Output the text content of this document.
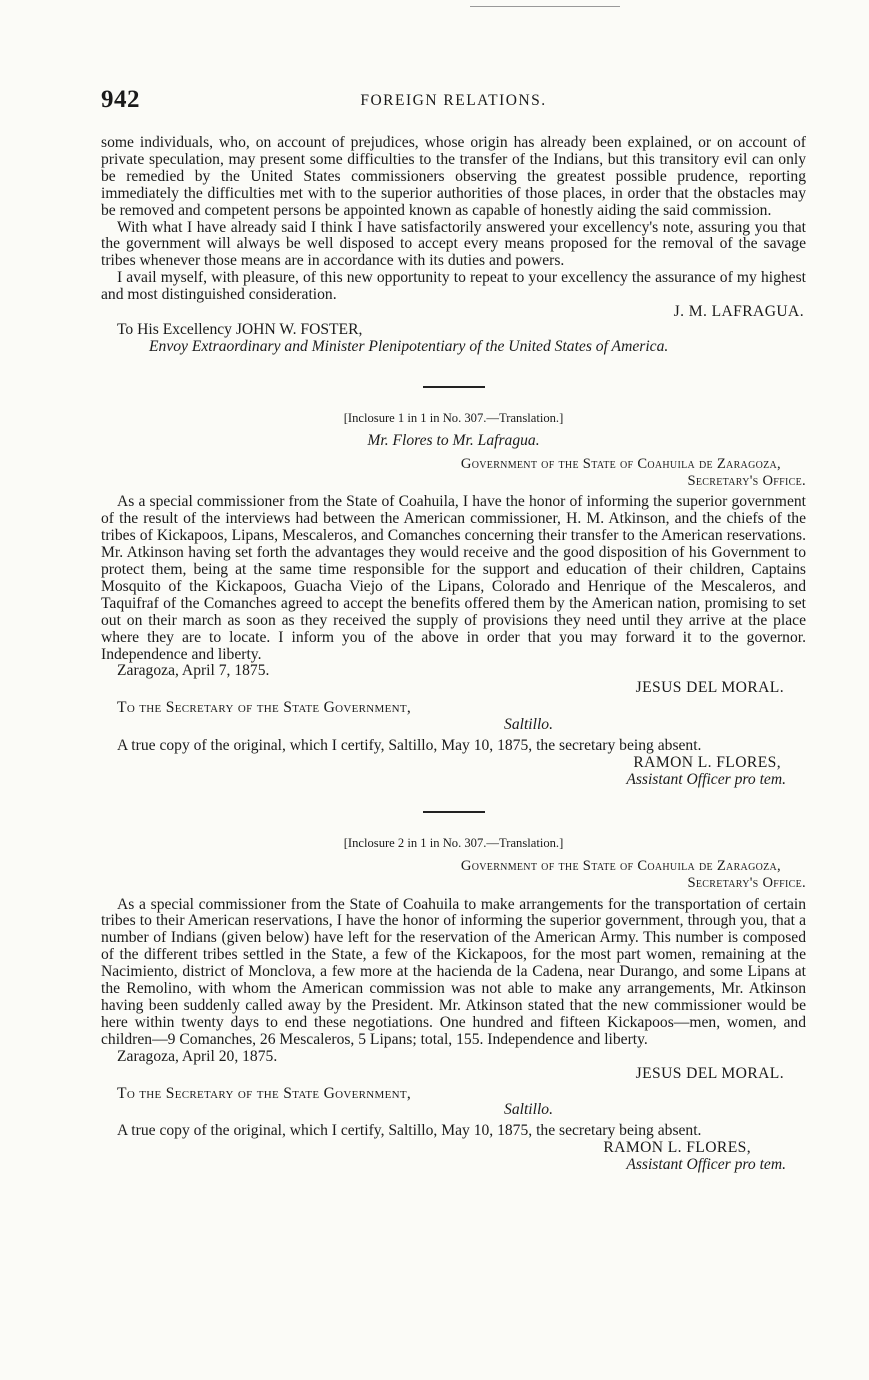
942	FOREIGN RELATIONS.

some individuals, who, on account of prejudices, whose origin has already been explained, or on account of private speculation, may present some difficulties to the transfer of the Indians, but this transitory evil can only be remedied by the United States commissioners observing the greatest possible prudence, reporting immediately the difficulties met with to the superior authorities of those places, in order that the obstacles may be removed and competent persons be appointed known as capable of honestly aiding the said commission.

With what I have already said I think I have satisfactorily answered your excellency's note, assuring you that the government will always be well disposed to accept every means proposed for the removal of the savage tribes whenever those means are in accordance with its duties and powers.

I avail myself, with pleasure, of this new opportunity to repeat to your excellency the assurance of my highest and most distinguished consideration.

J. M. LAFRAGUA.
To His Excellency JOHN W. FOSTER,
Envoy Extraordinary and Minister Plenipotentiary of the United States of America.
[Inclosure 1 in 1 in No. 307.—Translation.]
Mr. Flores to Mr. Lafragua.
Government of the State of Coahuila de Zaragoza,
Secretary's Office.

As a special commissioner from the State of Coahuila, I have the honor of informing the superior government of the result of the interviews had between the American commissioner, H. M. Atkinson, and the chiefs of the tribes of Kickapoos, Lipans, Mescaleros, and Comanches concerning their transfer to the American reservations. Mr. Atkinson having set forth the advantages they would receive and the good disposition of his Government to protect them, being at the same time responsible for the support and education of their children, Captains Mosquito of the Kickapoos, Guacha Viejo of the Lipans, Colorado and Henrique of the Mescaleros, and Taquifraf of the Comanches agreed to accept the benefits offered them by the American nation, promising to set out on their march as soon as they received the supply of provisions they need until they arrive at the place where they are to locate. I inform you of the above in order that you may forward it to the governor. Independence and liberty.

Zaragoza, April 7, 1875.
JESUS DEL MORAL.
To the Secretary of the State Government,
Saltillo.

A true copy of the original, which I certify, Saltillo, May 10, 1875, the secretary being absent.

RAMON L. FLORES,
Assistant Officer pro tem.
[Inclosure 2 in 1 in No. 307.—Translation.]
Government of the State of Coahuila de Zaragoza,
Secretary's Office.

As a special commissioner from the State of Coahuila to make arrangements for the transportation of certain tribes to their American reservations, I have the honor of informing the superior government, through you, that a number of Indians (given below) have left for the reservation of the American Army. This number is composed of the different tribes settled in the State, a few of the Kickapoos, for the most part women, remaining at the Nacimiento, district of Monclova, a few more at the hacienda de la Cadena, near Durango, and some Lipans at the Remolino, with whom the American commission was not able to make any arrangements, Mr. Atkinson having been suddenly called away by the President. Mr. Atkinson stated that the new commissioner would be here within twenty days to end these negotiations. One hundred and fifteen Kickapoos—men, women, and children—9 Comanches, 26 Mescaleros, 5 Lipans; total, 155. Independence and liberty.

Zaragoza, April 20, 1875.
JESUS DEL MORAL.
To the Secretary of the State Government,
Saltillo.

A true copy of the original, which I certify, Saltillo, May 10, 1875, the secretary being absent.

RAMON L. FLORES,
Assistant Officer pro tem.
